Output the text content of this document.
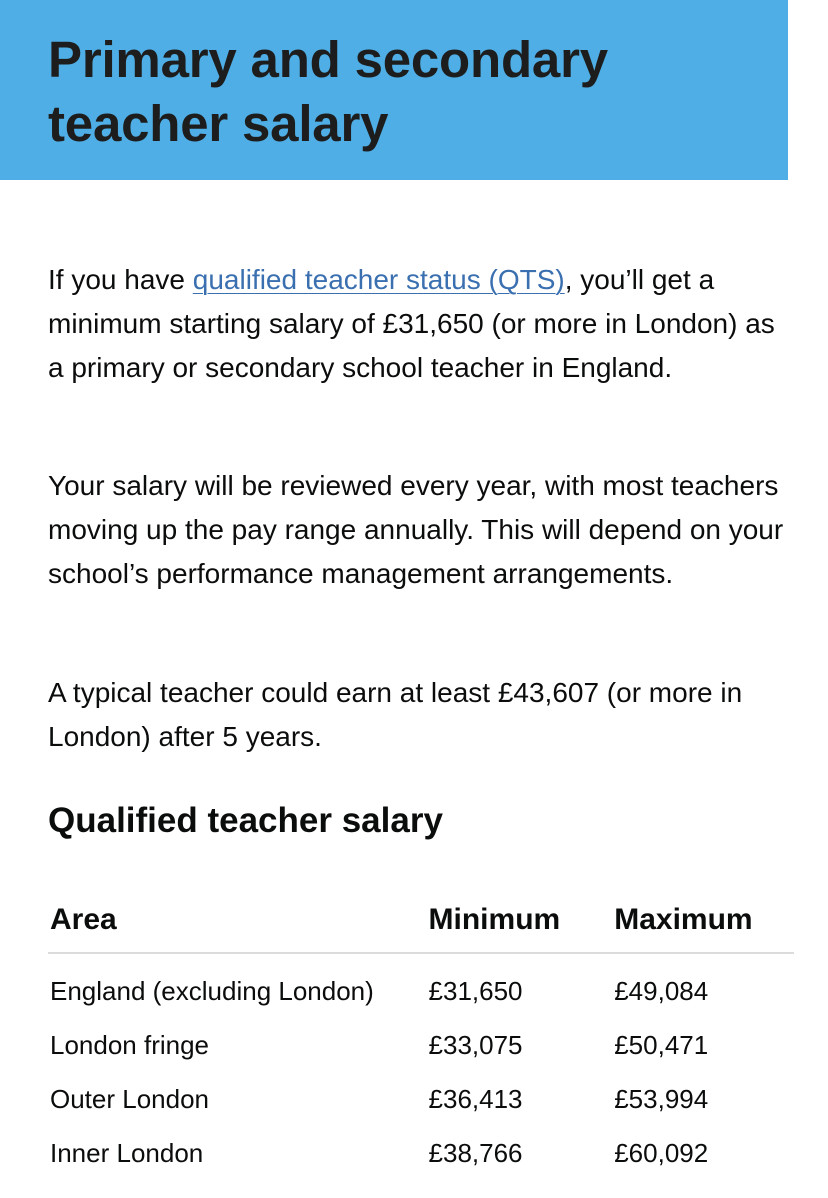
Primary and secondary
teacher salary

If you have qualified teacher status (QTS), you’ll get a minimum starting salary of £31,650 (or more in London) as a primary or secondary school teacher in England.

Your salary will be reviewed every year, with most teachers moving up the pay range annually. This will depend on your school’s performance management arrangements.

A typical teacher could earn at least £43,607 (or more in London) after 5 years.

Qualified teacher salary
Area	Minimum	Maximum
England (excluding London)	£31,650	£49,084
London fringe	£33,075	£50,471
Outer London	£36,413	£53,994
Inner London	£38,766	£60,092
